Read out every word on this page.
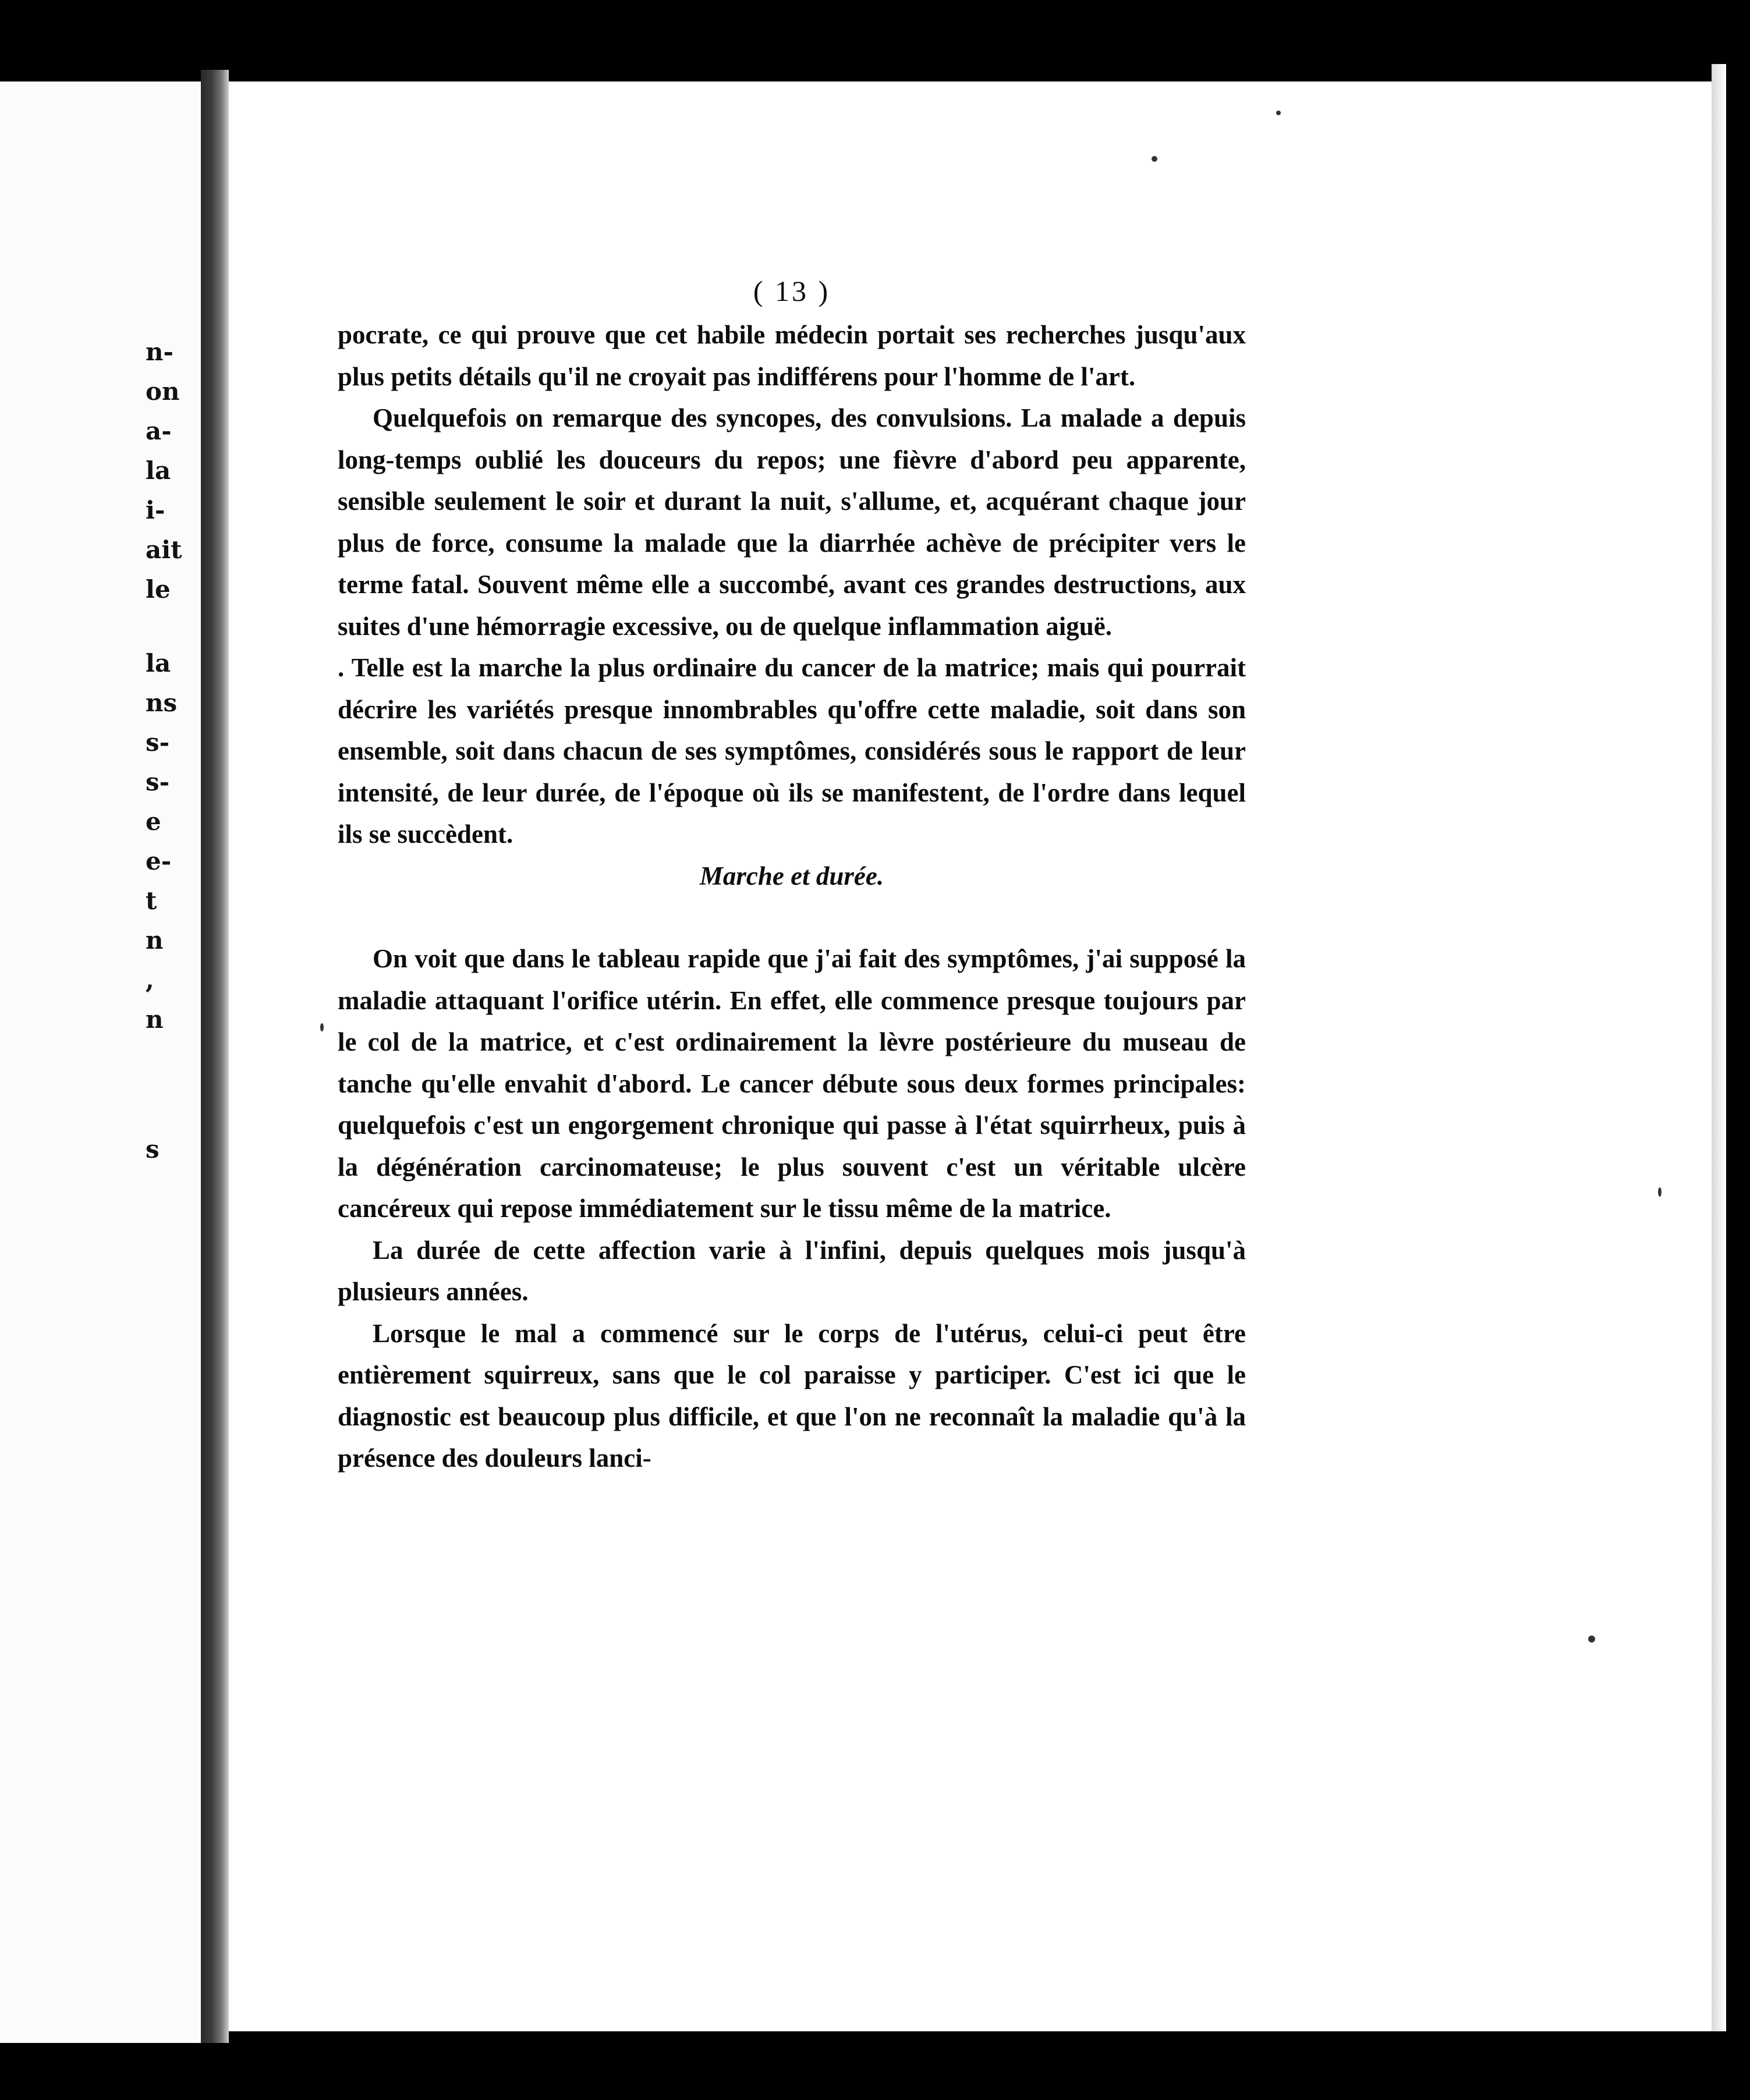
n-
on
a-
la
i-
ait
le
la
ns
s-
s-
e
e-
t
n
,
n
s
( 13 )

pocrate, ce qui prouve que cet habile médecin portait ses recherches jusqu'aux plus petits détails qu'il ne croyait pas indifférens pour l'homme de l'art.

Quelquefois on remarque des syncopes, des convulsions. La malade a depuis long-temps oublié les douceurs du repos; une fièvre d'abord peu apparente, sensible seulement le soir et durant la nuit, s'allume, et, acquérant chaque jour plus de force, consume la malade que la diarrhée achève de précipiter vers le terme fatal. Souvent même elle a succombé, avant ces grandes destructions, aux suites d'une hémorragie excessive, ou de quelque inflammation aiguë.

. Telle est la marche la plus ordinaire du cancer de la matrice; mais qui pourrait décrire les variétés presque innombrables qu'offre cette maladie, soit dans son ensemble, soit dans chacun de ses symptômes, considérés sous le rapport de leur intensité, de leur durée, de l'époque où ils se manifestent, de l'ordre dans lequel ils se succèdent.

Marche et durée.

On voit que dans le tableau rapide que j'ai fait des symptômes, j'ai supposé la maladie attaquant l'orifice utérin. En effet, elle commence presque toujours par le col de la matrice, et c'est ordinairement la lèvre postérieure du museau de tanche qu'elle envahit d'abord. Le cancer débute sous deux formes principales: quelquefois c'est un engorgement chronique qui passe à l'état squirrheux, puis à la dégénération carcinomateuse; le plus souvent c'est un véritable ulcère cancéreux qui repose immédiatement sur le tissu même de la matrice.

La durée de cette affection varie à l'infini, depuis quelques mois jusqu'à plusieurs années.

Lorsque le mal a commencé sur le corps de l'utérus, celui-ci peut être entièrement squirreux, sans que le col paraisse y participer. C'est ici que le diagnostic est beaucoup plus difficile, et que l'on ne reconnaît la maladie qu'à la présence des douleurs lanci-
